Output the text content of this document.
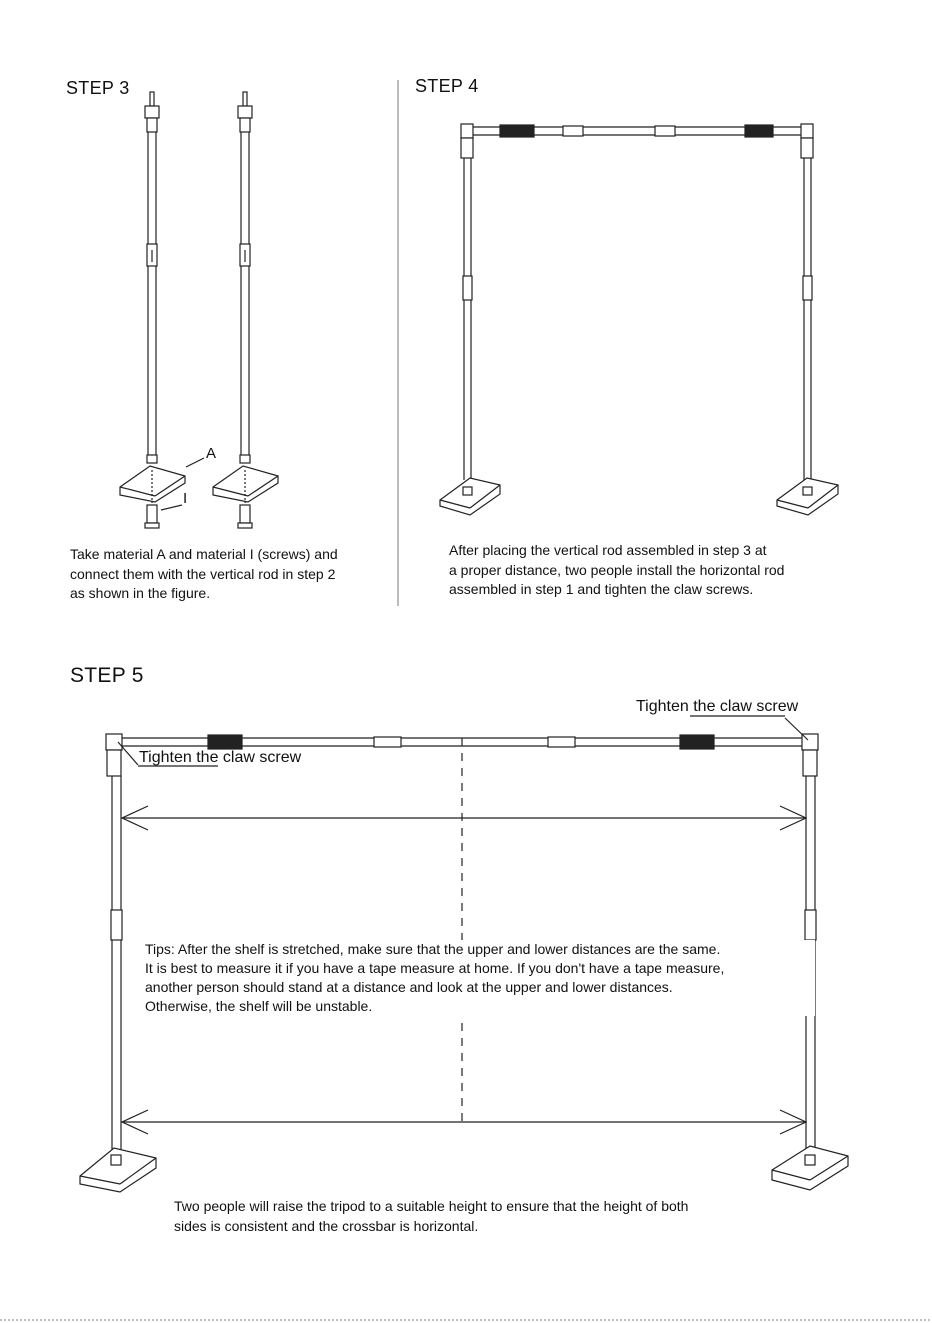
STEP 3
A
I
Take material A and material I (screws) and
connect them with the vertical rod in step 2
as shown in the figure.
STEP 4
After placing the vertical rod assembled in step 3 at
a proper distance, two people install the horizontal rod
assembled in step 1 and tighten the claw screws.
STEP 5
Tighten the claw screw
Tighten the claw screw
Tips: After the shelf is stretched, make sure that the upper and lower distances are the same.
It is best to measure it if you have a tape measure at home. If you don't have a tape measure,
another person should stand at a distance and look at the upper and lower distances.
Otherwise, the shelf will be unstable.
Two people will raise the tripod to a suitable height to ensure that the height of both
sides is consistent and the crossbar is horizontal.
